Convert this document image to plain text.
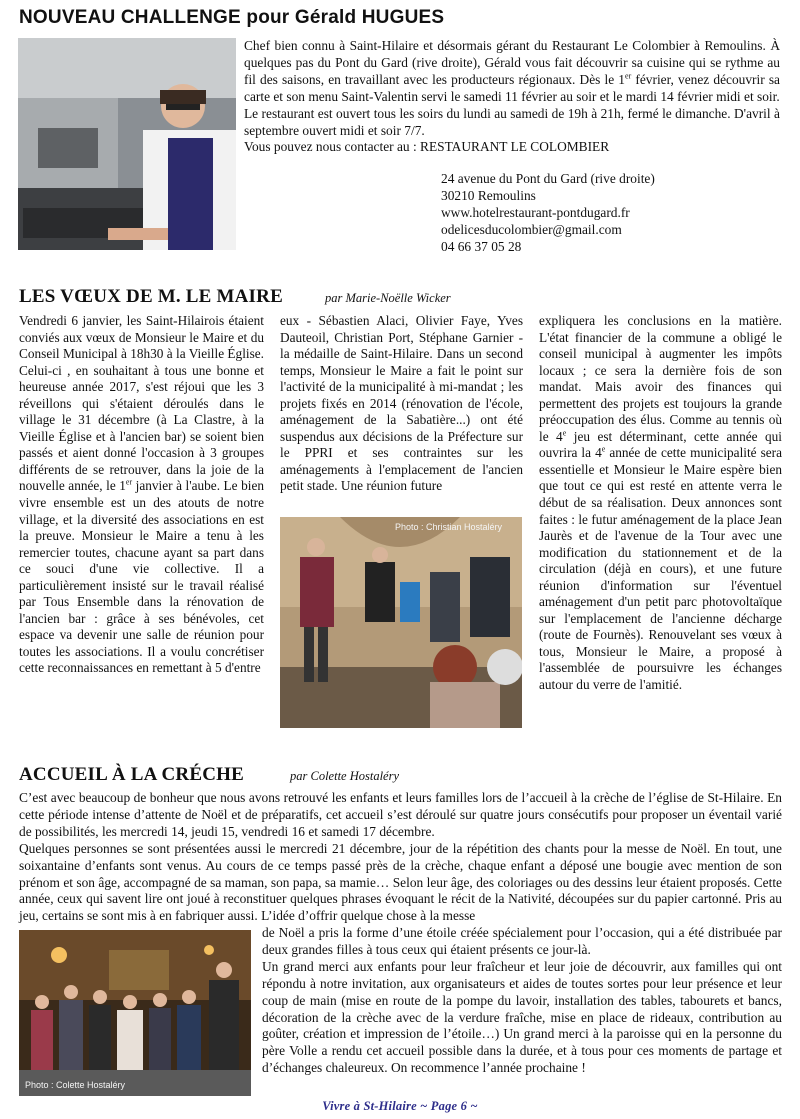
NOUVEAU CHALLENGE pour Gérald HUGUES

Chef bien connu à Saint-Hilaire et désormais gérant du Restaurant Le Colombier à Remoulins. À quelques pas du Pont du Gard (rive droite), Gérald vous fait découvrir sa cuisine qui se rythme au fil des saisons, en travaillant avec les producteurs régionaux. Dès le 1er février, venez découvrir sa carte et son menu Saint-Valentin servi le samedi 11 février au soir et le mardi 14 février midi et soir.

Le restaurant est ouvert tous les soirs du lundi au samedi de 19h à 21h, fermé le dimanche. D'avril à septembre ouvert midi et soir 7/7.

Vous pouvez nous contacter au : RESTAURANT LE COLOMBIER

24 avenue du Pont du Gard (rive droite)
30210 Remoulins
www.hotelrestaurant-pontdugard.fr
odelicesducolombier@gmail.com
04 66 37 05 28
LES VŒUX DE M. LE MAIRE	par Marie-Noëlle Wicker

Vendredi 6 janvier, les Saint-Hilairois étaient conviés aux vœux de Monsieur le Maire et du Conseil Municipal à 18h30 à la Vieille Église. Celui-ci , en souhaitant à tous une bonne et heureuse année 2017, s'est réjoui que les 3 réveillons qui s'étaient déroulés dans le village le 31 décembre (à La Clastre, à la Vieille Église et à l'ancien bar) se soient bien passés et aient donné l'occasion à 3 groupes différents de se retrouver, dans la joie de la nouvelle année, le 1er janvier à l'aube. Le bien vivre ensemble est un des atouts de notre village, et la diversité des associations en est la preuve. Monsieur le Maire a tenu à les remercier toutes, chacune ayant sa part dans ce souci d'une vie collective. Il a particulièrement insisté sur le travail réalisé par Tous Ensemble dans la rénovation de l'ancien bar : grâce à ses bénévoles, cet espace va devenir une salle de réunion pour toutes les associations. Il a voulu concrétiser cette reconnaissances en remettant à 5 d'entre

eux - Sébastien Alaci, Olivier Faye, Yves Dauteoil, Christian Port, Stéphane Garnier - la médaille de Saint-Hilaire. Dans un second temps, Monsieur le Maire a fait le point sur l'activité de la municipalité à mi-mandat ; les projets fixés en 2014 (rénovation de l'école, aménagement de la Sabatière...) ont été suspendus aux décisions de la Préfecture sur le PPRI et ses contraintes sur les aménagements à l'emplacement de l'ancien petit stade. Une réunion future

Photo : Christian Hostaléry

expliquera les conclusions en la matière. L'état financier de la commune a obligé le conseil municipal à augmenter les impôts locaux ; ce sera la dernière fois de son mandat. Mais avoir des finances qui permettent des projets est toujours la grande préoccupation des élus. Comme au tennis où le 4e jeu est déterminant, cette année qui ouvrira la 4e année de cette municipalité sera essentielle et Monsieur le Maire espère bien que tout ce qui est resté en attente verra le début de sa réalisation. Deux annonces sont faites : le futur aménagement de la place Jean Jaurès et de l'avenue de la Tour avec une modification du stationnement et de la circulation (déjà en cours), et une future réunion d'information sur l'éventuel aménagement d'un petit parc photovoltaïque sur l'emplacement de l'ancienne décharge (route de Fournès). Renouvelant ses vœux à tous, Monsieur le Maire, a proposé à l'assemblée de poursuivre les échanges autour du verre de l'amitié.

ACCUEIL À LA CRÉCHE	par Colette Hostaléry

C’est avec beaucoup de bonheur que nous avons retrouvé les enfants et leurs familles lors de l’accueil à la crèche de l’église de St-Hilaire. En cette période intense d’attente de Noël et de préparatifs, cet accueil s’est déroulé sur quatre jours consécutifs pour proposer un éventail varié de possibilités, les mercredi 14, jeudi 15, vendredi 16 et samedi 17 décembre.

Quelques personnes se sont présentées aussi le mercredi 21 décembre, jour de la répétition des chants pour la messe de Noël. En tout, une soixantaine d’enfants sont venus. Au cours de ce temps passé près de la crèche, chaque enfant a déposé une bougie avec mention de son prénom et son âge, accompagné de sa maman, son papa, sa mamie… Selon leur âge, des coloriages ou des dessins leur étaient proposés. Cette année, ceux qui savent lire ont joué à reconstituer quelques phrases évoquant le récit de la Nativité, découpées sur du papier cartonné. Pris au jeu, certains se sont mis à en fabriquer aussi. L’idée d’offrir quelque chose à la messe

Photo : Colette Hostaléry

de Noël a pris la forme d’une étoile créée spécialement pour l’occasion, qui a été distribuée par deux grandes filles à tous ceux qui étaient présents ce jour-là.

Un grand merci aux enfants pour leur fraîcheur et leur joie de découvrir, aux familles qui ont répondu à notre invitation, aux organisateurs et aides de toutes sortes pour leur présence et leur coup de main (mise en route de la pompe du lavoir, installation des tables, tabourets et bancs, décoration de la crèche avec de la verdure fraîche, mise en place de rideaux, contribution au goûter, création et impression de l’étoile…) Un grand merci à la paroisse qui en la personne du père Volle a rendu cet accueil possible dans la durée, et à tous pour ces moments de partage et d’échanges chaleureux. On recommence l’année prochaine !

Vivre à St-Hilaire ~ Page 6 ~
